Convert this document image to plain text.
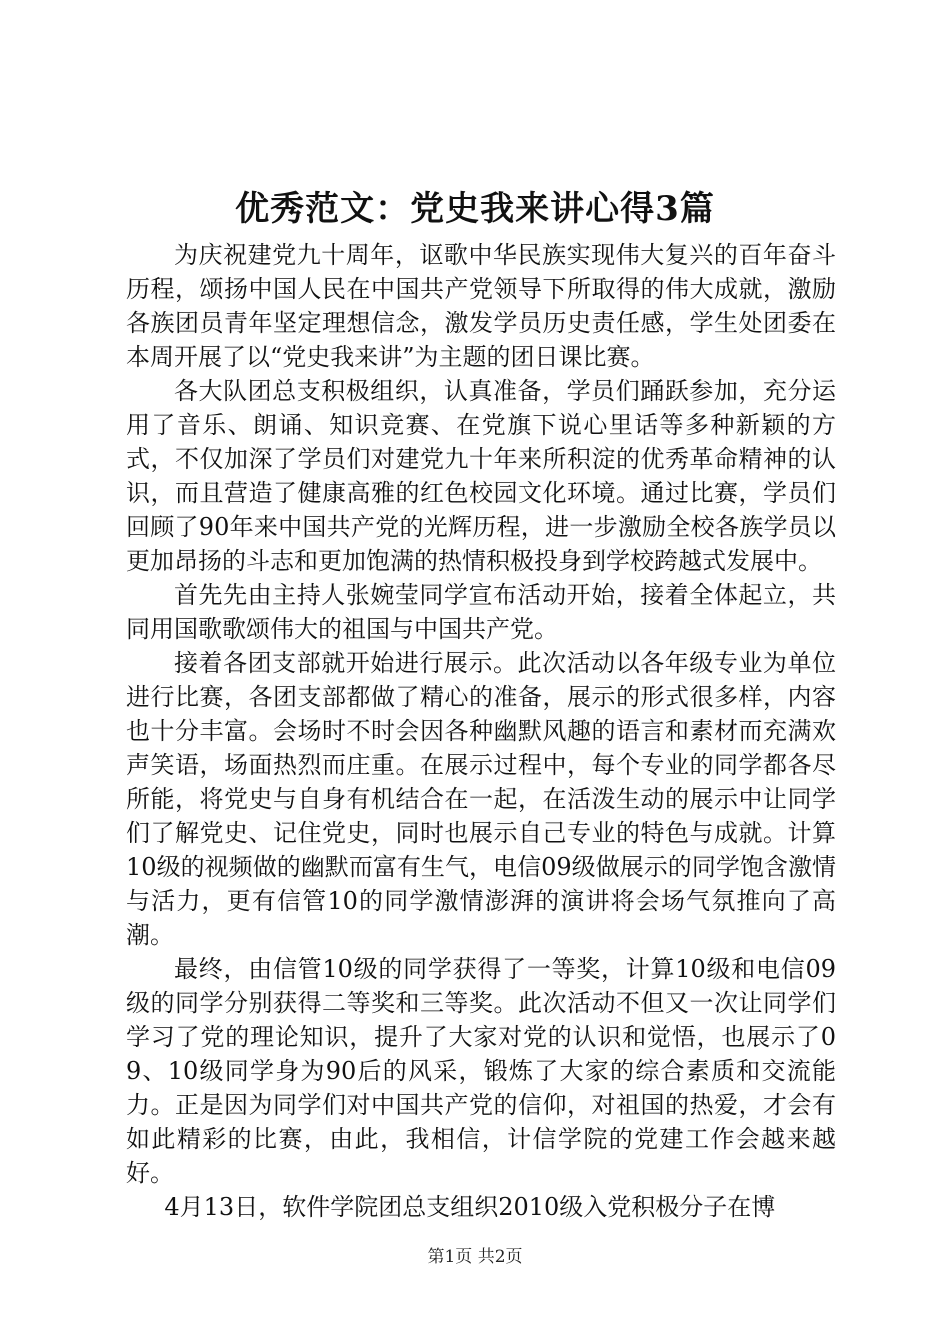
优秀范文：党史我来讲心得3篇

为庆祝建党九十周年，讴歌中华民族实现伟大复兴的百年奋斗历程，颂扬中国人民在中国共产党领导下所取得的伟大成就，激励各族团员青年坚定理想信念，激发学员历史责任感，学生处团委在本周开展了以“党史我来讲”为主题的团日课比赛。

各大队团总支积极组织，认真准备，学员们踊跃参加，充分运用了音乐、朗诵、知识竞赛、在党旗下说心里话等多种新颖的方式，不仅加深了学员们对建党九十年来所积淀的优秀革命精神的认识，而且营造了健康高雅的红色校园文化环境。通过比赛，学员们回顾了90年来中国共产党的光辉历程，进一步激励全校各族学员以更加昂扬的斗志和更加饱满的热情积极投身到学校跨越式发展中。

首先先由主持人张婉莹同学宣布活动开始，接着全体起立，共同用国歌歌颂伟大的祖国与中国共产党。

接着各团支部就开始进行展示。此次活动以各年级专业为单位进行比赛，各团支部都做了精心的准备，展示的形式很多样，内容也十分丰富。会场时不时会因各种幽默风趣的语言和素材而充满欢声笑语，场面热烈而庄重。在展示过程中，每个专业的同学都各尽所能，将党史与自身有机结合在一起，在活泼生动的展示中让同学们了解党史、记住党史，同时也展示自己专业的特色与成就。计算10级的视频做的幽默而富有生气，电信09级做展示的同学饱含激情与活力，更有信管10的同学激情澎湃的演讲将会场气氛推向了高潮。

最终，由信管10级的同学获得了一等奖，计算10级和电信09级的同学分别获得二等奖和三等奖。此次活动不但又一次让同学们学习了党的理论知识，提升了大家对党的认识和觉悟，也展示了09、10级同学身为90后的风采，锻炼了大家的综合素质和交流能力。正是因为同学们对中国共产党的信仰，对祖国的热爱，才会有如此精彩的比赛，由此，我相信，计信学院的党建工作会越来越好。

4月13日，软件学院团总支组织2010级入党积极分子在博

第1页 共2页
